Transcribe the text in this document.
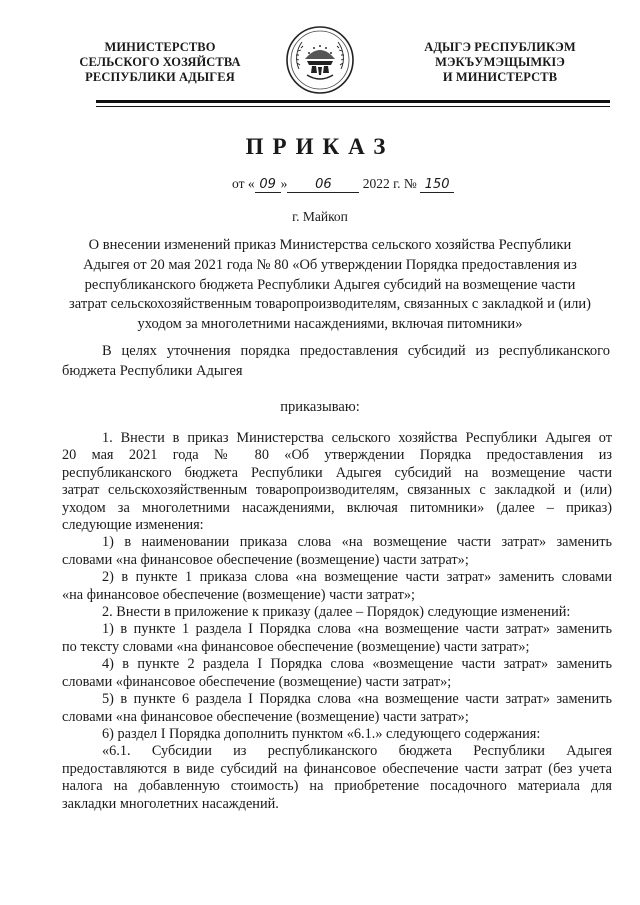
МИНИСТЕРСТВО
СЕЛЬСКОГО ХОЗЯЙСТВА
РЕСПУБЛИКИ АДЫГЕЯ
АДЫГЭ РЕСПУБЛИКЭМ
МЭКЪУМЭЩЫМКIЭ
И МИНИСТЕРСТВ
ПРИКАЗ
от « 09 » 06 2022 г. № 150
г. Майкоп
О внесении изменений приказ Министерства сельского хозяйства Республики
Адыгея от 20 мая 2021 года № 80 «Об утверждении Порядка предоставления из
республиканского бюджета Республики Адыгея субсидий на возмещение части
затрат сельскохозяйственным товаропроизводителям, связанных с закладкой и (или)
уходом за многолетними насаждениями, включая питомники»
В целях уточнения порядка предоставления субсидий из республиканского
бюджета Республики Адыгея
приказываю:
1. Внести в приказ Министерства сельского хозяйства Республики Адыгея от
20 мая 2021 года № 80 «Об утверждении Порядка предоставления из
республиканского бюджета Республики Адыгея субсидий на возмещение части
затрат сельскохозяйственным товаропроизводителям, связанных с закладкой и (или)
уходом за многолетними насаждениями, включая питомники» (далее – приказ)
следующие изменения:
1) в наименовании приказа слова «на возмещение части затрат» заменить
словами «на финансовое обеспечение (возмещение) части затрат»;
2) в пункте 1 приказа слова «на возмещение части затрат» заменить словами
«на финансовое обеспечение (возмещение) части затрат»;
2. Внести в приложение к приказу (далее – Порядок) следующие изменений:
1) в пункте 1 раздела I Порядка слова «на возмещение части затрат» заменить
по тексту словами «на финансовое обеспечение (возмещение) части затрат»;
4) в пункте 2 раздела I Порядка слова «возмещение части затрат» заменить
словами «финансовое обеспечение (возмещение) части затрат»;
5) в пункте 6 раздела I Порядка слова «на возмещение части затрат» заменить
словами «на финансовое обеспечение (возмещение) части затрат»;
6) раздел I Порядка дополнить пунктом «6.1.» следующего содержания:
«6.1. Субсидии из республиканского бюджета Республики Адыгея
предоставляются в виде субсидий на финансовое обеспечение части затрат (без учета
налога на добавленную стоимость) на приобретение посадочного материала для
закладки многолетних насаждений.
